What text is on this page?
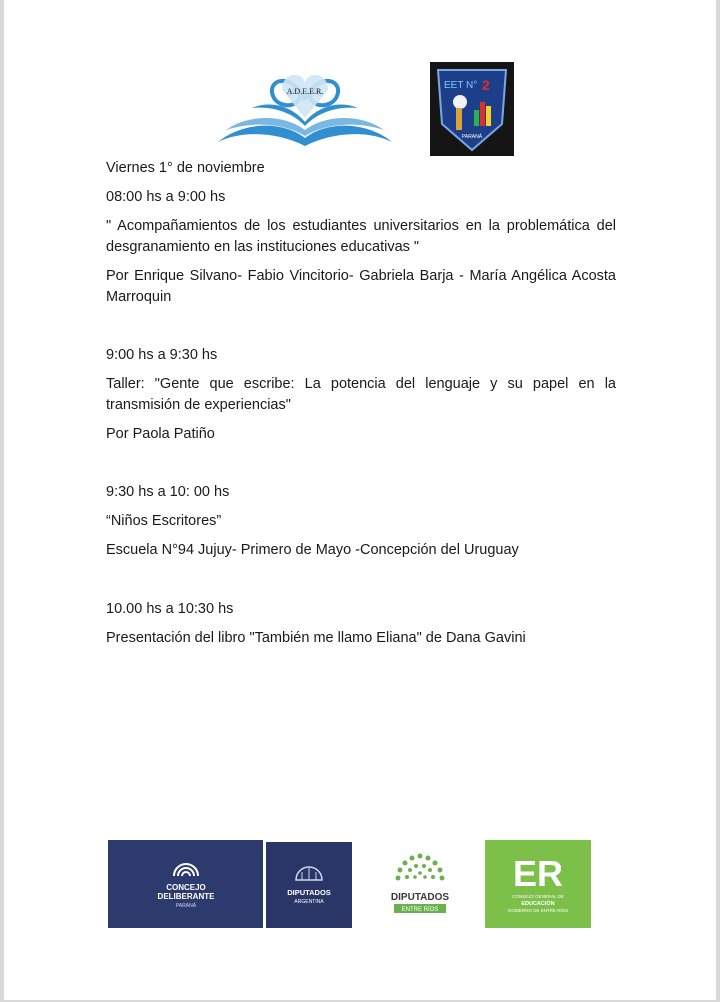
A.D.E.E.R.
EET N° 2
PARANÁ

Viernes 1° de noviembre

08:00 hs a 9:00 hs

" Acompañamientos de los estudiantes universitarios en la problemática del desgranamiento en las instituciones educativas "

Por Enrique Silvano- Fabio Vincitorio- Gabriela Barja - María Angélica Acosta Marroquin

9:00 hs a 9:30 hs

Taller: "Gente que escribe: La potencia del lenguaje y su papel en la transmisión de experiencias"

Por Paola Patiño

9:30 hs a 10: 00 hs

“Niños Escritores”

Escuela N°94 Jujuy- Primero de Mayo -Concepción del Uruguay

10.00 hs a 10:30 hs

Presentación del libro "También me llamo Eliana" de Dana Gavini

CONCEJO
DELIBERANTE
PARANÁ
DIPUTADOS
ARGENTINA	DIPUTADOS
ENTRE RÍOS
ER
CONSEJO GENERAL DE
EDUCACIÓN
GOBIERNO DE ENTRE RÍOS
